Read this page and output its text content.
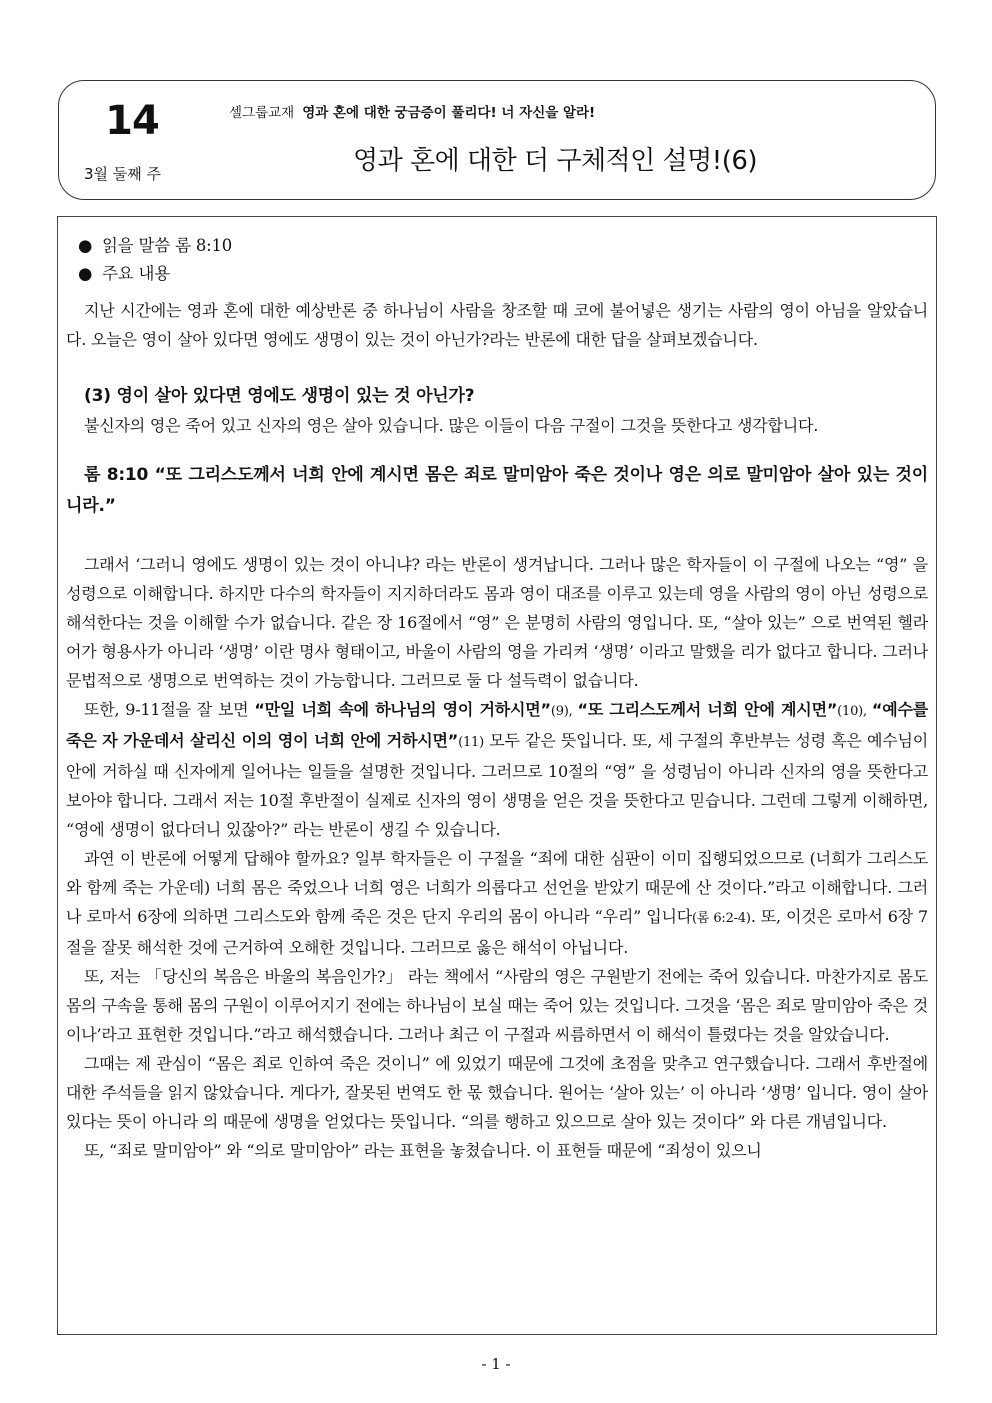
14
3월 둘째 주
셀그룹교재 영과 혼에 대한 궁금증이 풀리다! 너 자신을 알라!
영과 혼에 대한 더 구체적인 설명!(6)
● 읽을 말씀 롬 8:10
● 주요 내용

지난 시간에는 영과 혼에 대한 예상반론 중 하나님이 사람을 창조할 때 코에 불어넣은 생기는 사람의 영이 아님을 알았습니다. 오늘은 영이 살아 있다면 영에도 생명이 있는 것이 아닌가?라는 반론에 대한 답을 살펴보겠습니다.

(3) 영이 살아 있다면 영에도 생명이 있는 것 아닌가?

불신자의 영은 죽어 있고 신자의 영은 살아 있습니다. 많은 이들이 다음 구절이 그것을 뜻한다고 생각합니다.

롬 8:10 “또 그리스도께서 너희 안에 계시면 몸은 죄로 말미암아 죽은 것이나 영은 의로 말미암아 살아 있는 것이니라.”

그래서 ‘그러니 영에도 생명이 있는 것이 아니냐? 라는 반론이 생겨납니다. 그러나 많은 학자들이 이 구절에 나오는 “영” 을 성령으로 이해합니다. 하지만 다수의 학자들이 지지하더라도 몸과 영이 대조를 이루고 있는데 영을 사람의 영이 아닌 성령으로 해석한다는 것을 이해할 수가 없습니다. 같은 장 16절에서 “영” 은 분명히 사람의 영입니다. 또, “살아 있는” 으로 번역된 헬라어가 형용사가 아니라 ‘생명’ 이란 명사 형태이고, 바울이 사람의 영을 가리켜 ‘생명’ 이라고 말했을 리가 없다고 합니다. 그러나 문법적으로 생명으로 번역하는 것이 가능합니다. 그러므로 둘 다 설득력이 없습니다.

또한, 9-11절을 잘 보면 “만일 너희 속에 하나님의 영이 거하시면”(9), “또 그리스도께서 너희 안에 계시면”(10), “예수를 죽은 자 가운데서 살리신 이의 영이 너희 안에 거하시면”(11) 모두 같은 뜻입니다. 또, 세 구절의 후반부는 성령 혹은 예수님이 안에 거하실 때 신자에게 일어나는 일들을 설명한 것입니다. 그러므로 10절의 “영” 을 성령님이 아니라 신자의 영을 뜻한다고 보아야 합니다. 그래서 저는 10절 후반절이 실제로 신자의 영이 생명을 얻은 것을 뜻한다고 믿습니다. 그런데 그렇게 이해하면, “영에 생명이 없다더니 있잖아?” 라는 반론이 생길 수 있습니다.

과연 이 반론에 어떻게 답해야 할까요? 일부 학자들은 이 구절을 “죄에 대한 심판이 이미 집행되었으므로 (너희가 그리스도와 함께 죽는 가운데) 너희 몸은 죽었으나 너희 영은 너희가 의롭다고 선언을 받았기 때문에 산 것이다.”라고 이해합니다. 그러나 로마서 6장에 의하면 그리스도와 함께 죽은 것은 단지 우리의 몸이 아니라 “우리” 입니다(롬 6:2-4). 또, 이것은 로마서 6장 7절을 잘못 해석한 것에 근거하여 오해한 것입니다. 그러므로 옳은 해석이 아닙니다.

또, 저는 「당신의 복음은 바울의 복음인가?」 라는 책에서 “사람의 영은 구원받기 전에는 죽어 있습니다. 마찬가지로 몸도 몸의 구속을 통해 몸의 구원이 이루어지기 전에는 하나님이 보실 때는 죽어 있는 것입니다. 그것을 ‘몸은 죄로 말미암아 죽은 것이나’라고 표현한 것입니다.”라고 해석했습니다. 그러나 최근 이 구절과 씨름하면서 이 해석이 틀렸다는 것을 알았습니다.

그때는 제 관심이 “몸은 죄로 인하여 죽은 것이니” 에 있었기 때문에 그것에 초점을 맞추고 연구했습니다. 그래서 후반절에 대한 주석들을 읽지 않았습니다. 게다가, 잘못된 번역도 한 몫 했습니다. 원어는 ‘살아 있는’ 이 아니라 ‘생명’ 입니다. 영이 살아 있다는 뜻이 아니라 의 때문에 생명을 얻었다는 뜻입니다. “의를 행하고 있으므로 살아 있는 것이다” 와 다른 개념입니다.

또, “죄로 말미암아” 와 “의로 말미암아” 라는 표현을 놓쳤습니다. 이 표현들 때문에 “죄성이 있으니

- 1 -
